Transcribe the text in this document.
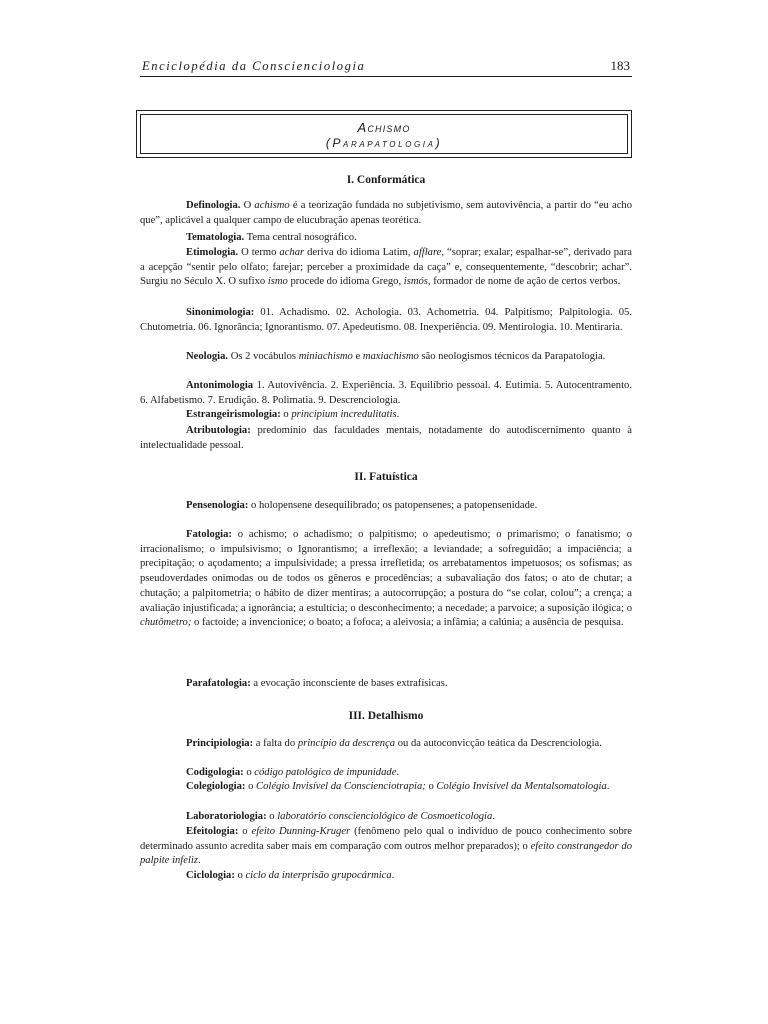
Enciclopédia da Conscienciologia	183
Achismo
(Parapatologia)
I. Conformática
Definologia. O achismo é a teorização fundada no subjetivismo, sem autovivência, a partir do “eu acho que”, aplicável a qualquer campo de elucubração apenas teorética.
Tematologia. Tema central nosográfico.
Etimologia. O termo achar deriva do idioma Latim, afflare, “soprar; exalar; espalhar-se”, derivado para a acepção “sentir pelo olfato; farejar; perceber a proximidade da caça” e, consequentemente, “descobrir; achar”. Surgiu no Século X. O sufixo ismo procede do idioma Grego, ismós, formador de nome de ação de certos verbos.
Sinonimologia: 01. Achadismo. 02. Achologia. 03. Achometria. 04. Palpitismo; Palpitologia. 05. Chutometria. 06. Ignorância; Ignorantismo. 07. Apedeutismo. 08. Inexperiência. 09. Mentirologia. 10. Mentiraria.
Neologia. Os 2 vocábulos miniachismo e maxiachismo são neologismos técnicos da Parapatologia.
Antonimologia 1. Autovivência. 2. Experiência. 3. Equilíbrio pessoal. 4. Eutimia. 5. Autocentramento. 6. Alfabetismo. 7. Erudição. 8. Polimatia. 9. Descrenciologia.
Estrangeirismologia: o principium incredulitatis.
Atributologia: predomínio das faculdades mentais, notadamente do autodiscernimento quanto à intelectualidade pessoal.
II. Fatuística
Pensenologia: o holopensene desequilibrado; os patopensenes; a patopensenidade.
Fatologia: o achismo; o achadismo; o palpitismo; o apedeutismo; o primarismo; o fanatismo; o irracionalismo; o impulsivismo; o Ignorantismo; a irreflexão; a leviandade; a sofreguidão; a impaciência; a precipitação; o açodamento; a impulsividade; a pressa irrefletida; os arrebatamentos impetuosos; os sofismas; as pseudoverdades onimodas ou de todos os gêneros e procedências; a subavaliação dos fatos; o ato de chutar; a chutação; a palpitometria; o hábito de dizer mentiras; a autocorrupção; a postura do “se colar, colou”; a crença; a avaliação injustificada; a ignorância; a estultícia; o desconhecimento; a necedade; a parvoice; a suposição ilógica; o chutômetro; o factoide; a invencionice; o boato; a fofoca; a aleivosia; a infâmia; a calúnia; a ausência de pesquisa.
Parafatologia: a evocação inconsciente de bases extrafísicas.
III. Detalhismo
Principiologia: a falta do princípio da descrença ou da autoconvicção teática da Descrenciologia.
Codigologia: o código patológico de impunidade.
Colegiologia: o Colégio Invisível da Conscienciotrapia; o Colégio Invisível da Mentalsomatologia.
Laboratoriologia: o laboratório conscienciológico de Cosmoeticologia.
Efeitologia: o efeito Dunning-Kruger (fenômeno pelo qual o indivíduo de pouco conhecimento sobre determinado assunto acredita saber mais em comparação com outros melhor preparados); o efeito constrangedor do palpite infeliz.
Ciclologia: o ciclo da interprisão grupocármica.
